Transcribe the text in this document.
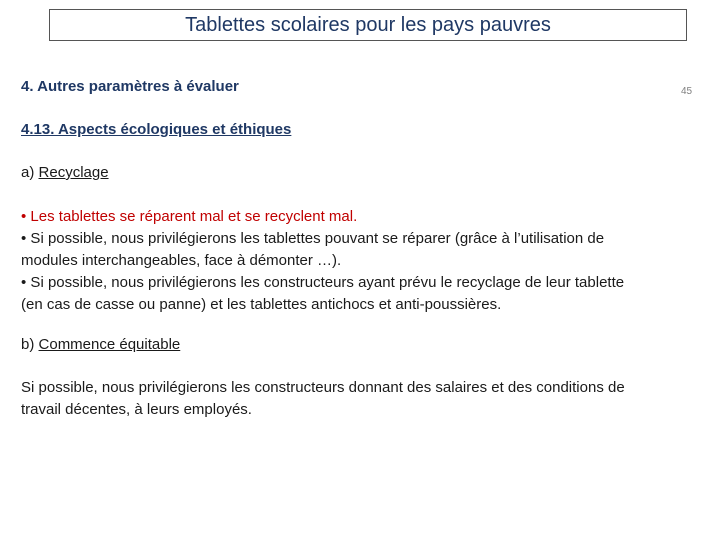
Tablettes scolaires pour les pays pauvres
45
4. Autres paramètres à évaluer
4.13. Aspects écologiques et éthiques
a) Recyclage
• Les tablettes se réparent mal et se recyclent mal.
• Si possible, nous privilégierons les tablettes pouvant se réparer (grâce à l’utilisation de
modules interchangeables, face à démonter …).
• Si possible, nous privilégierons les constructeurs ayant prévu le recyclage de leur tablette
(en cas de casse ou panne) et les tablettes antichocs et anti-poussières.
b) Commence équitable
Si possible, nous privilégierons les constructeurs donnant des salaires et des conditions de
travail décentes, à leurs employés.
